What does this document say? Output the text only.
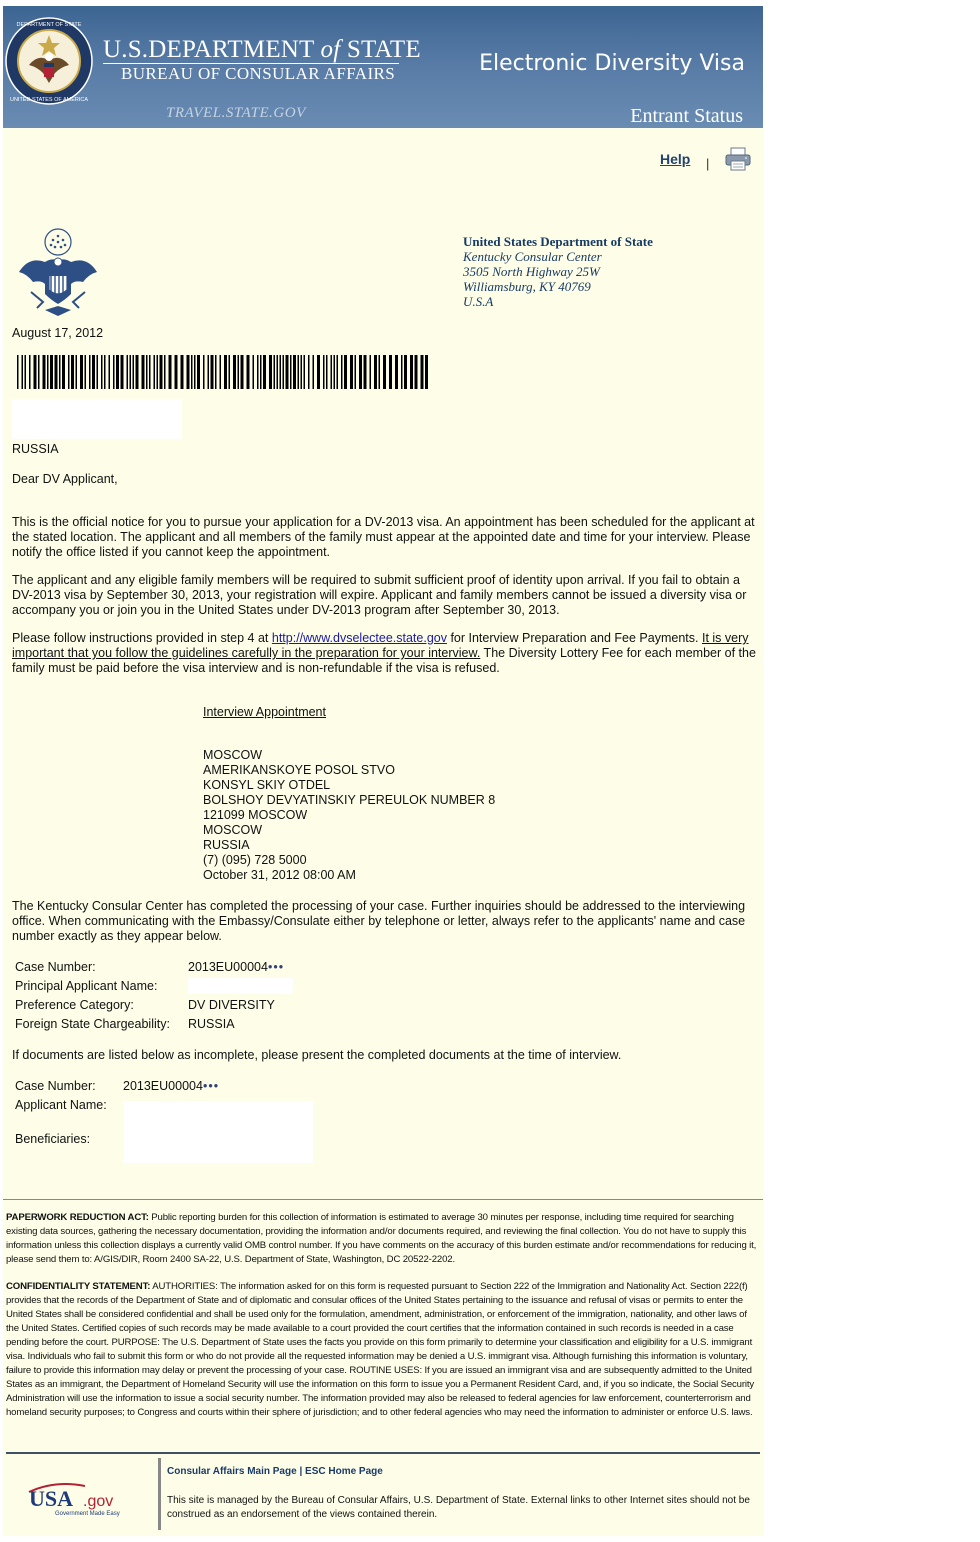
DEPARTMENT OF STATE
UNITED STATES OF AMERICA
U.S.DEPARTMENT of STATE
BUREAU OF CONSULAR AFFAIRS
TRAVEL.STATE.GOV
Electronic Diversity Visa
Entrant Status
Help |
United States Department of State
Kentucky Consular Center
3505 North Highway 25W
Williamsburg, KY 40769
U.S.A
August 17, 2012
RUSSIA
Dear DV Applicant,

This is the official notice for you to pursue your application for a DV-2013 visa. An appointment has been scheduled for the applicant at the stated location. The applicant and all members of the family must appear at the appointed date and time for your interview. Please notify the office listed if you cannot keep the appointment.

The applicant and any eligible family members will be required to submit sufficient proof of identity upon arrival. If you fail to obtain a DV-2013 visa by September 30, 2013, your registration will expire. Applicant and family members cannot be issued a diversity visa or accompany you or join you in the United States under DV-2013 program after September 30, 2013.

Please follow instructions provided in step 4 at http://www.dvselectee.state.gov for Interview Preparation and Fee Payments. It is very important that you follow the guidelines carefully in the preparation for your interview. The Diversity Lottery Fee for each member of the family must be paid before the visa interview and is non-refundable if the visa is refused.

Interview Appointment
MOSCOW
AMERIKANSKOYE POSOL STVO
KONSYL SKIY OTDEL
BOLSHOY DEVYATINSKIY PEREULOK NUMBER 8
121099 MOSCOW
MOSCOW
RUSSIA
(7) (095) 728 5000
October 31, 2012 08:00 AM

The Kentucky Consular Center has completed the processing of your case. Further inquiries should be addressed to the interviewing office. When communicating with the Embassy/Consulate either by telephone or letter, always refer to the applicants' name and case number exactly as they appear below.

Case Number:	2013EU00004•••
Principal Applicant Name:
Preference Category:	DV DIVERSITY
Foreign State Chargeability: RUSSIA

If documents are listed below as incomplete, please present the completed documents at the time of interview.

Case Number: 2013EU00004•••
Applicant Name:
Beneficiaries:

PAPERWORK REDUCTION ACT: Public reporting burden for this collection of information is estimated to average 30 minutes per response, including time required for searching existing data sources, gathering the necessary documentation, providing the information and/or documents required, and reviewing the final collection. You do not have to supply this information unless this collection displays a currently valid OMB control number. If you have comments on the accuracy of this burden estimate and/or recommendations for reducing it, please send them to: A/GIS/DIR, Room 2400 SA-22, U.S. Department of State, Washington, DC 20522-2202.

CONFIDENTIALITY STATEMENT: AUTHORITIES: The information asked for on this form is requested pursuant to Section 222 of the Immigration and Nationality Act. Section 222(f) provides that the records of the Department of State and of diplomatic and consular offices of the United States pertaining to the issuance and refusal of visas or permits to enter the United States shall be considered confidential and shall be used only for the formulation, amendment, administration, or enforcement of the immigration, nationality, and other laws of the United States. Certified copies of such records may be made available to a court provided the court certifies that the information contained in such records is needed in a case pending before the court. PURPOSE: The U.S. Department of State uses the facts you provide on this form primarily to determine your classification and eligibility for a U.S. immigrant visa. Individuals who fail to submit this form or who do not provide all the requested information may be denied a U.S. immigrant visa. Although furnishing this information is voluntary, failure to provide this information may delay or prevent the processing of your case. ROUTINE USES: If you are issued an immigrant visa and are subsequently admitted to the United States as an immigrant, the Department of Homeland Security will use the information on this form to issue you a Permanent Resident Card, and, if you so indicate, the Social Security Administration will use the information to issue a social security number. The information provided may also be released to federal agencies for law enforcement, counterterrorism and homeland security purposes; to Congress and courts within their sphere of jurisdiction; and to other federal agencies who may need the information to administer or enforce U.S. laws.

USA .gov
Government Made Easy
Consular Affairs Main Page | ESC Home Page
This site is managed by the Bureau of Consular Affairs, U.S. Department of State. External links to other Internet sites should not be construed as an endorsement of the views contained therein.
